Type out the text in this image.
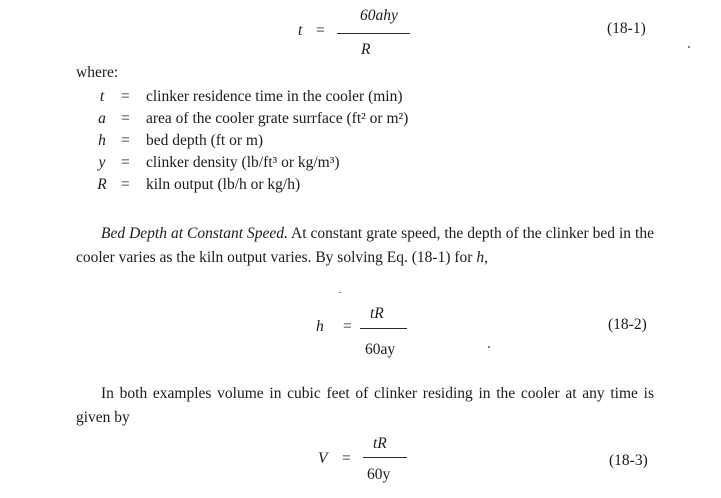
t =
60ahy
R
(18-1)
where:
t	= clinker residence time in the cooler (min)
a = area of the cooler grate surrface (ft² or m²)
h = bed depth (ft or m)
y	= clinker density (lb/ft³ or kg/m³)
R = kiln output (lb/h or kg/h)
Bed Depth at Constant Speed. At constant grate speed, the depth of the clinker bed in the cooler varies as the kiln output varies. By solving Eq. (18-1) for h,
h =
tR
60ay
(18-2)
In both examples volume in cubic feet of clinker residing in the cooler at any time is given by
V =
tR
60y
(18-3)
